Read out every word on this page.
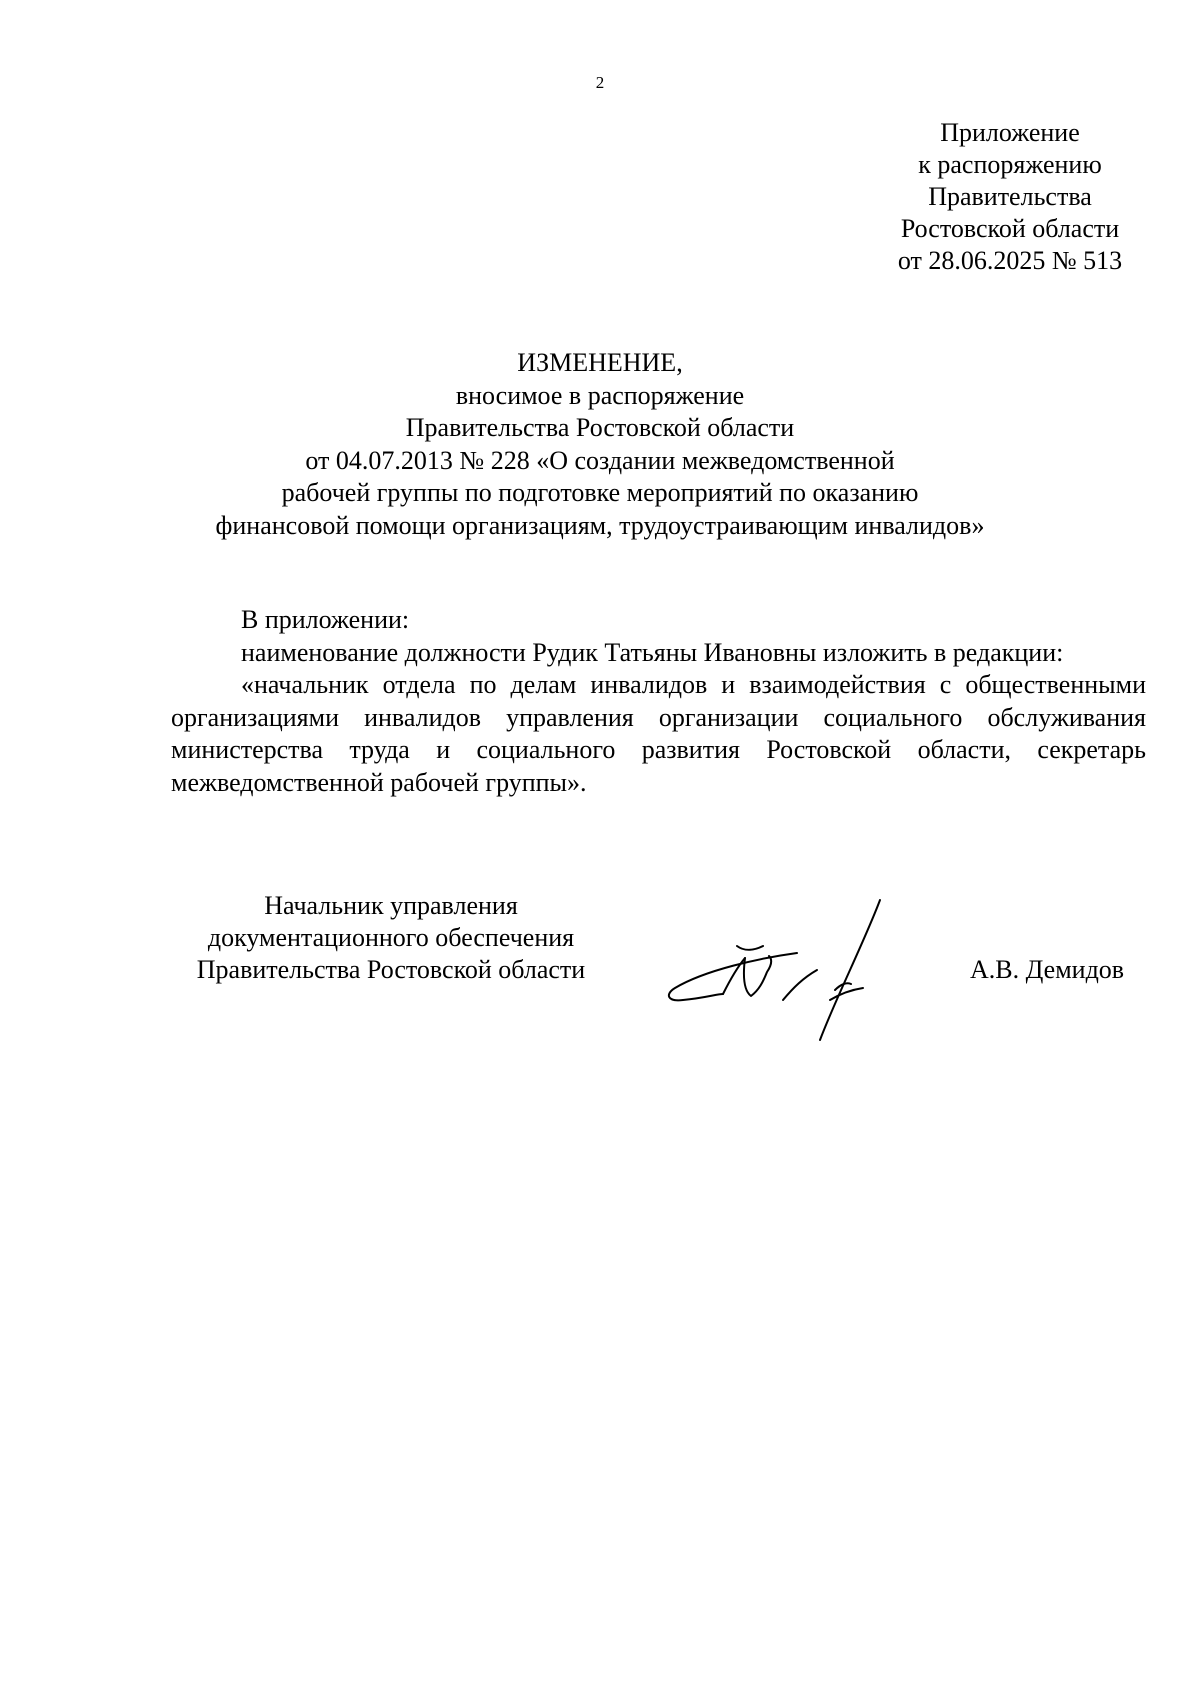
2
Приложение
к распоряжению
Правительства
Ростовской области
от 28.06.2025 № 513
ИЗМЕНЕНИЕ,
вносимое в распоряжение
Правительства Ростовской области
от 04.07.2013 № 228 «О создании межведомственной
рабочей группы по подготовке мероприятий по оказанию
финансовой помощи организациям, трудоустраивающим инвалидов»
В приложении:
наименование должности Рудик Татьяны Ивановны изложить в редакции:
«начальник отдела по делам инвалидов и взаимодействия с общественными организациями инвалидов управления организации социального обслуживания министерства труда и социального развития Ростовской области, секретарь межведомственной рабочей группы».
Начальник управления
документационного обеспечения
Правительства Ростовской области	А.В. Демидов
